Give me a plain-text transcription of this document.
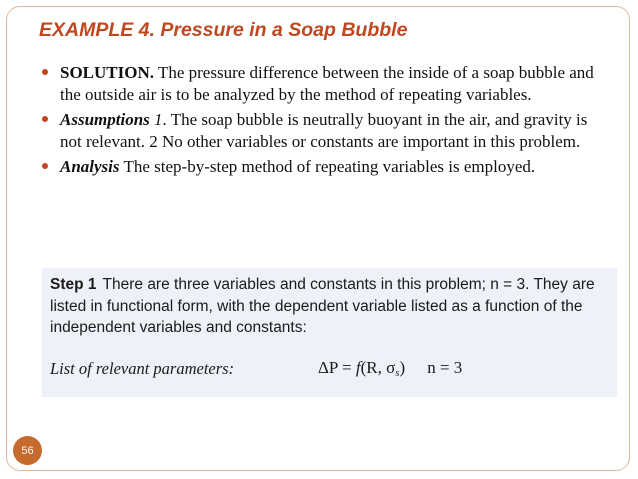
EXAMPLE 4. Pressure in a Soap Bubble
SOLUTION. The pressure difference between the inside of a soap bubble and the outside air is to be analyzed by the method of repeating variables.
Assumptions 1. The soap bubble is neutrally buoyant in the air, and gravity is not relevant. 2 No other variables or constants are important in this problem.
Analysis The step-by-step method of repeating variables is employed.

Step 1 There are three variables and constants in this problem; n = 3. They are listed in functional form, with the dependent variable listed as a function of the independent variables and constants:

List of relevant parameters:	ΔP = f(R, $\sigma_s$) n = 3
56
